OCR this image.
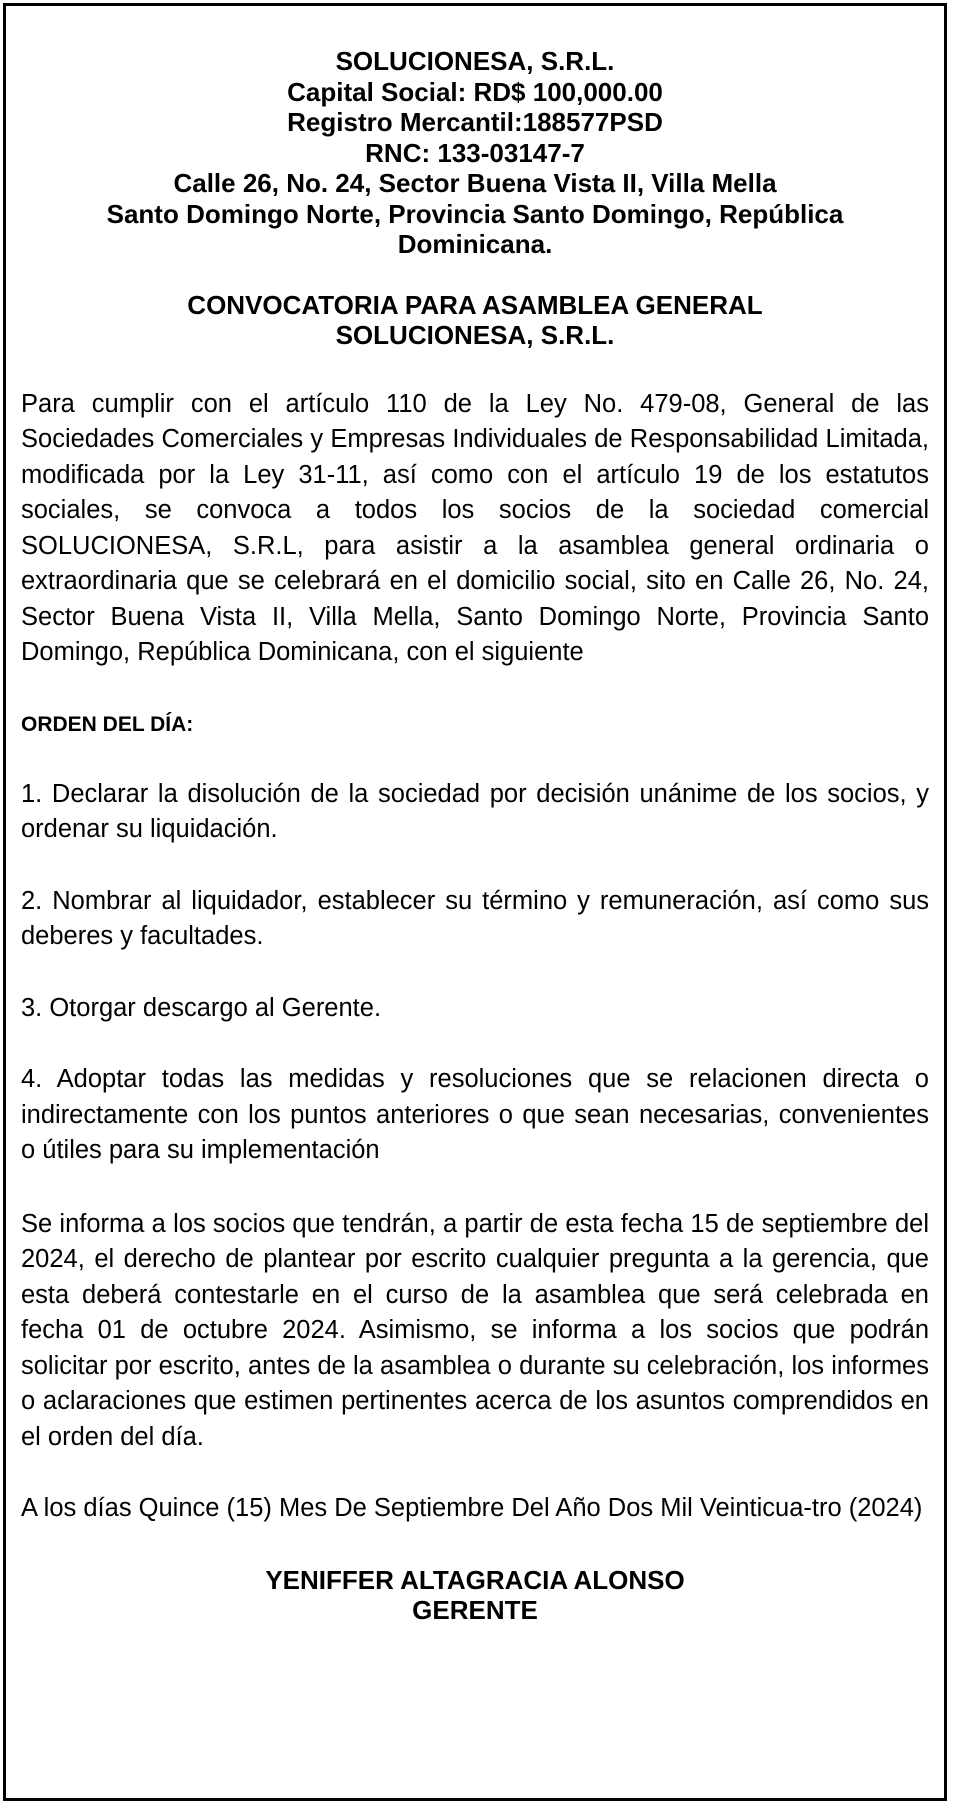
SOLUCIONESA, S.R.L.
Capital Social: RD$ 100,000.00
Registro Mercantil:188577PSD
RNC: 133-03147-7
Calle 26, No. 24, Sector Buena Vista II, Villa Mella
Santo Domingo Norte, Provincia Santo Domingo, República Dominicana.
CONVOCATORIA PARA ASAMBLEA GENERAL
SOLUCIONESA, S.R.L.

Para cumplir con el artículo 110 de la Ley No. 479-08, General de las Sociedades Comerciales y Empresas Individuales de Responsabilidad Limitada, modificada por la Ley 31-11, así como con el artículo 19 de los estatutos sociales, se convoca a todos los socios de la sociedad comercial SOLUCIONESA, S.R.L, para asistir a la asamblea general ordinaria o extraordinaria que se celebrará en el domicilio social, sito en Calle 26, No. 24, Sector Buena Vista II, Villa Mella, Santo Domingo Norte, Provincia Santo Domingo, República Dominicana, con el siguiente

ORDEN DEL DÍA:

1. Declarar la disolución de la sociedad por decisión unánime de los socios, y ordenar su liquidación.

2. Nombrar al liquidador, establecer su término y remuneración, así como sus deberes y facultades.

3. Otorgar descargo al Gerente.

4. Adoptar todas las medidas y resoluciones que se relacionen directa o indirectamente con los puntos anteriores o que sean necesarias, convenientes o útiles para su implementación

Se informa a los socios que tendrán, a partir de esta fecha 15 de septiembre del 2024, el derecho de plantear por escrito cualquier pregunta a la gerencia, que esta deberá contestarle en el curso de la asamblea que será celebrada en fecha 01 de octubre 2024. Asimismo, se informa a los socios que podrán solicitar por escrito, antes de la asamblea o durante su celebración, los informes o aclaraciones que estimen pertinentes acerca de los asuntos comprendidos en el orden del día.

A los días Quince (15) Mes De Septiembre Del Año Dos Mil Veinticua-tro (2024)

YENIFFER ALTAGRACIA ALONSO
GERENTE
